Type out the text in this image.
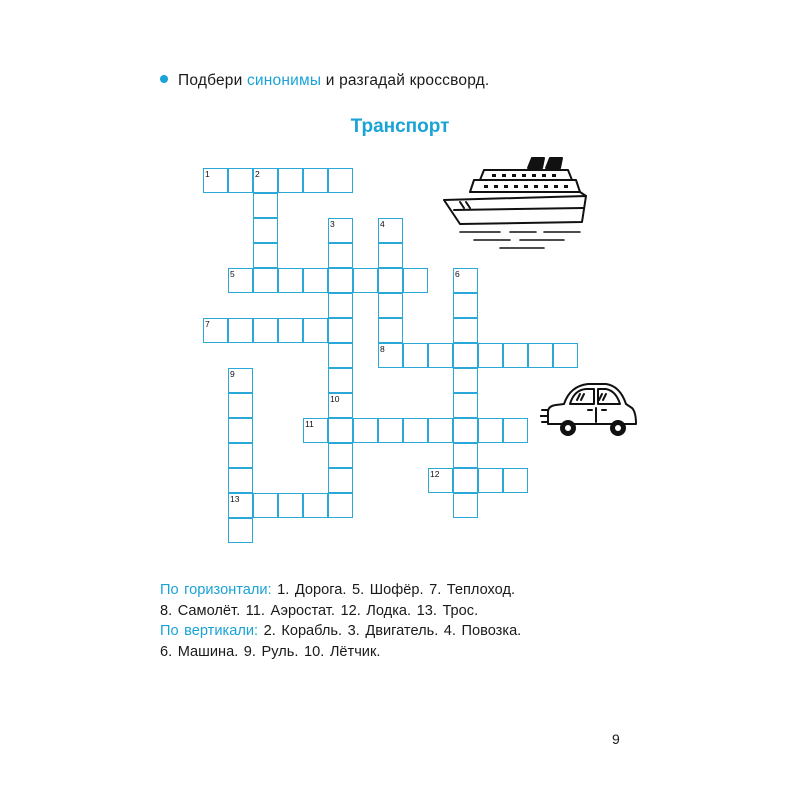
Подбери синонимы и разгадай кроссворд.
Транспорт
1	2
3	4
5	6
7
8
9
10
11
12
13

По горизонтали: 1. Дорога. 5. Шофёр. 7. Теплоход.

8. Самолёт. 11. Аэростат. 12. Лодка. 13. Трос.

По вертикали: 2. Корабль. 3. Двигатель. 4. Повозка.

6. Машина. 9. Руль. 10. Лётчик.

9
